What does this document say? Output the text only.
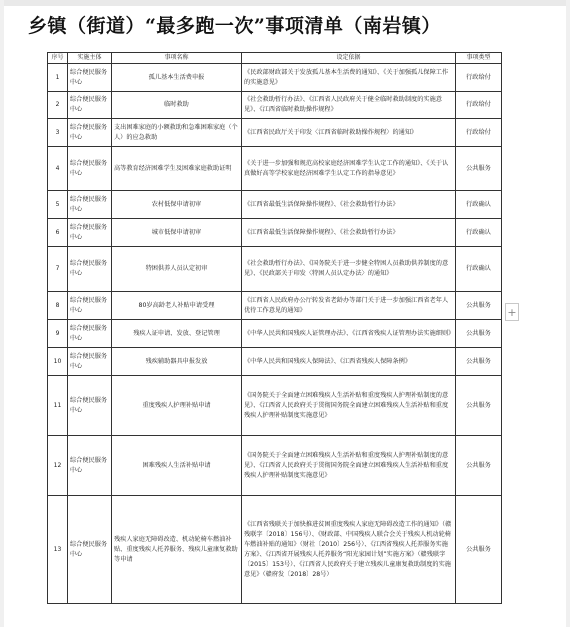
乡镇（街道）“最多跑一次”事项清单（南岩镇）
序号	实施主体	事项名称	设定依据	事项类型
1	综合便民服务中心	孤儿基本生活费申报	《民政部财政部关于发放孤儿基本生活费的通知》、《关于加强孤儿保障工作的实施意见》	行政给付
2	综合便民服务中心	临时救助	《社会救助暂行办法》、《江西省人民政府关于健全临时救助制度的实施意见》、《江西省临时救助操作规程》	行政给付
3	综合便民服务中心	支出困难家庭的小额救助和急难困难家庭（个人）的应急救助	《江西省民政厅关于印发〈江西省临时救助操作规程〉的通知》	行政给付
4	综合便民服务中心	高等教育经济困难学生及困难家庭救助证明	《关于进一步加强和规范高校家庭经济困难学生认定工作的通知》、《关于认真做好高等学校家庭经济困难学生认定工作的指导意见》	公共服务
5	综合便民服务中心	农村低保申请初审	《江西省最低生活保障操作规程》、《社会救助暂行办法》	行政确认
6	综合便民服务中心	城市低保申请初审	《江西省最低生活保障操作规程》、《社会救助暂行办法》	行政确认
7	综合便民服务中心	特困供养人员认定初审	《社会救助暂行办法》、《国务院关于进一步健全特困人员救助供养制度的意见》、《民政部关于印发〈特困人员认定办法〉的通知》	行政确认
8	综合便民服务中心	80岁高龄老人补贴申请受理	《江西省人民政府办公厅转发省老龄办等部门关于进一步加强江西省老年人优待工作意见的通知》	公共服务
9	综合便民服务中心	残疾人证申请、发放、登记管理	《中华人民共和国残疾人证管理办法》、《江西省残疾人证管理办法实施细则》	公共服务
10	综合便民服务中心	残疾辅助器具申报发放	《中华人民共和国残疾人保障法》、《江西省残疾人保障条例》	公共服务
11	综合便民服务中心	重度残疾人护理补贴申请	《国务院关于全面建立困难残疾人生活补贴和重度残疾人护理补贴制度的意见》、《江西省人民政府关于贯彻国务院全面建立困难残疾人生活补贴和重度残疾人护理补贴制度实施意见》	公共服务
12	综合便民服务中心	困难残疾人生活补贴申请	《国务院关于全面建立困难残疾人生活补贴和重度残疾人护理补贴制度的意见》、《江西省人民政府关于贯彻国务院全面建立困难残疾人生活补贴和重度残疾人护理补贴制度实施意见》	公共服务
13	综合便民服务中心	残疾人家庭无障碍改造、机动轮椅车燃油补贴、重度残疾人托养服务、残疾儿童康复救助等申请	《江西省残联关于加快推进贫困重度残疾人家庭无障碍改造工作的通知》（赣残联字〔2018〕156号）、《财政部、中国残疾人联合会关于残疾人机动轮椅车燃油补贴的通知》（财社〔2010〕256号）、《江西省残疾人托养服务实施方案》、《江西省开展残疾人托养服务“阳光家园计划”实施方案》（赣残联字〔2015〕153号）、《江西省人民政府关于建立残疾儿童康复救助制度的实施意见》（赣府发〔2018〕28号）	公共服务
+
